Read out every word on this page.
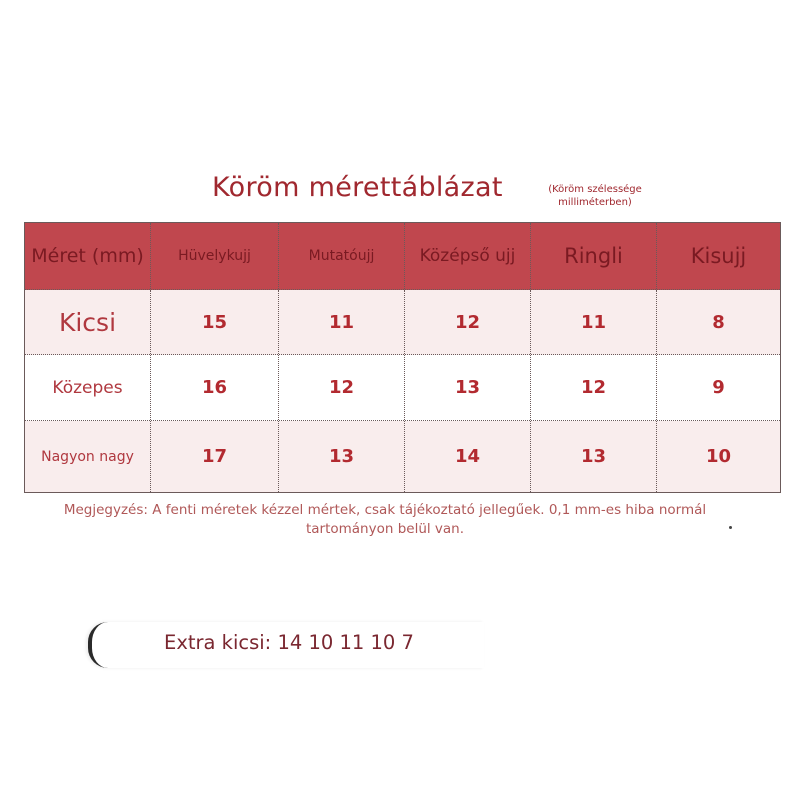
Köröm mérettáblázat	(Köröm szélessége milliméterben)
Méret (mm)	Hüvelykujj	Mutatóujj	Középső ujj	Ringli	Kisujj
Kicsi	15	11	12	11	8
Közepes	16	12	13	12	9
Nagyon nagy	17	13	14	13	10
Megjegyzés: A fenti méretek kézzel mértek, csak tájékoztató jellegűek. 0,1 mm-es hiba normál tartományon belül van.
Extra kicsi: 14 10 11 10 7
